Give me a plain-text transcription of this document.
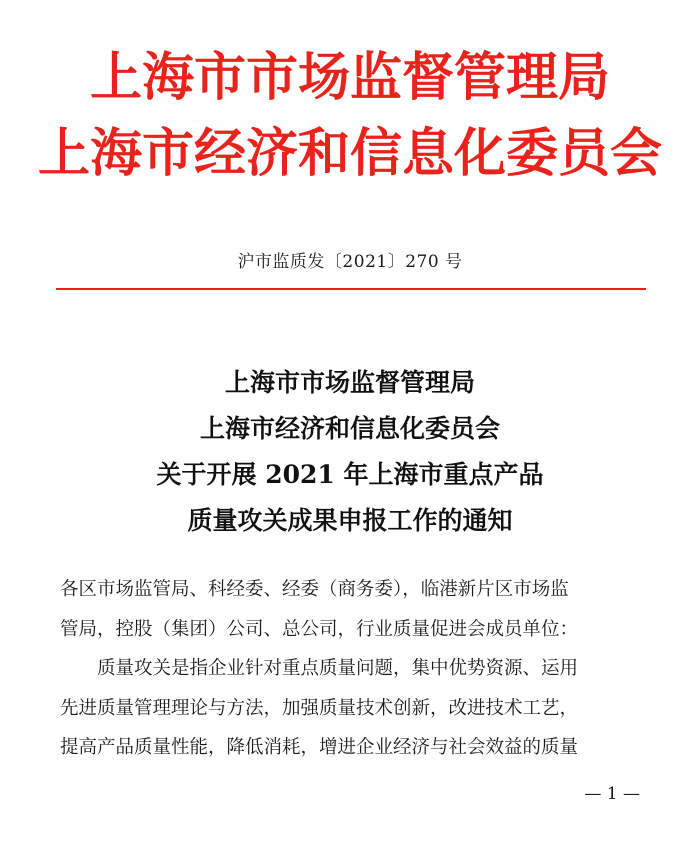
上海市市场监督管理局
上海市经济和信息化委员会
沪市监质发〔2021〕270 号
上海市市场监督管理局
上海市经济和信息化委员会
关于开展 2021 年上海市重点产品
质量攻关成果申报工作的通知
各区市场监管局、科经委、经委（商务委），临港新片区市场监
管局，控股（集团）公司、总公司，行业质量促进会成员单位：
质量攻关是指企业针对重点质量问题，集中优势资源、运用
先进质量管理理论与方法，加强质量技术创新，改进技术工艺，
提高产品质量性能，降低消耗，增进企业经济与社会效益的质量
— 1 —
